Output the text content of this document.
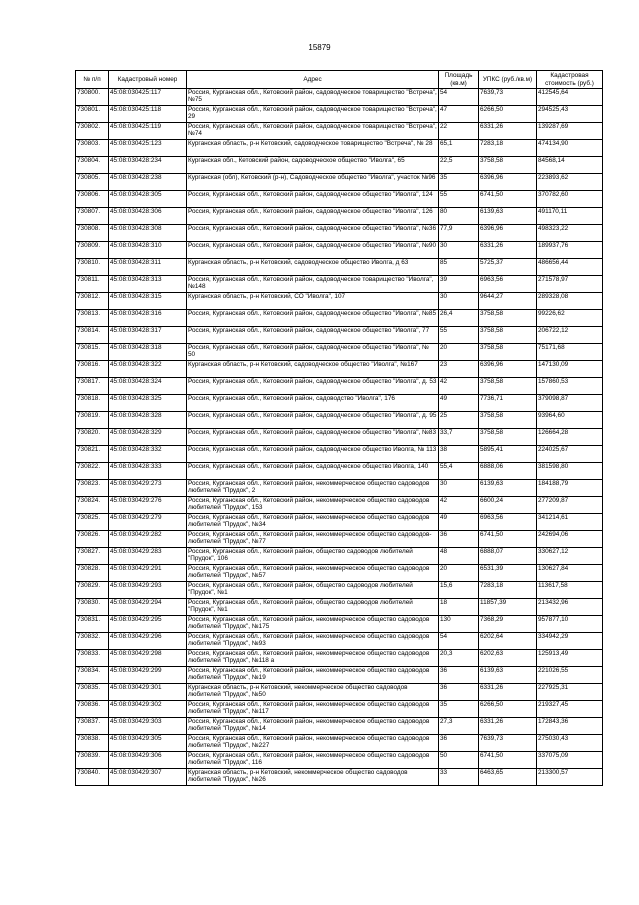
15879
№ п/п	Кадастровый номер	Адрес	Площадь (кв.м)	УПКС (руб./кв.м)	Кадастровая стоимость (руб.)
730800.	45:08:030425:117	Россия, Курганская обл., Кетовский район, садоводческое товарищество "Встреча", №75	54	7639,73	412545,64
730801.	45:08:030425:118	Россия, Курганская обл., Кетовский район, садоводческое товарищество "Встреча", 29	47	6266,50	294525,43
730802.	45:08:030425:119	Россия, Курганская обл., Кетовский район, садоводческое товарищество "Встреча", №74	22	6331,26	139287,69
730803.	45:08:030425:123	Курганская область, р-н Кетовский, садоводческое товарищество "Встреча", № 28	65,1	7283,18	474134,90
730804.	45:08:030428:234	Курганская обл., Кетовский район, садоводческое общество "Иволга", 65	22,5	3758,58	84568,14
730805.	45:08:030428:238	Курганская (обл), Кетовский (р-н), Садоводческое общество "Иволга", участок №96	35	6396,96	223893,62
730806.	45:08:030428:305	Россия, Курганская обл., Кетовский район, садоводческое общество "Иволга", 124	55	6741,50	370782,60
730807.	45:08:030428:306	Россия, Курганская обл., Кетовский район, садоводческое общество "Иволга", 126	80	6139,63	491170,11
730808.	45:08:030428:308	Россия, Курганская обл., Кетовский район, садоводческое общество "Иволга", №36	77,9	6396,96	498323,22
730809.	45:08:030428:310	Россия, Курганская обл., Кетовский район, садоводческое общество "Иволга", №90	30	6331,26	189937,76
730810.	45:08:030428:311	Курганская область, р-н Кетовский, садоводческое общество Иволга, д 63	85	5725,37	486656,44
730811.	45:08:030428:313	Россия, Курганская обл., Кетовский район, садоводческое товарищество "Иволга", №148	39	6963,56	271578,97
730812.	45:08:030428:315	Курганская область, р-н Кетовский, СО "Иволга", 107	30	9644,27	289328,08
730813.	45:08:030428:316	Россия, Курганская обл., Кетовский район, садоводческое общество "Иволга", №85	26,4	3758,58	99226,62
730814.	45:08:030428:317	Россия, Курганская обл., Кетовский район, садоводческое общество "Иволга", 77	55	3758,58	206722,12
730815.	45:08:030428:318	Россия, Курганская обл., Кетовский район, садоводческое общество "Иволга", № 50	20	3758,58	75171,68
730816.	45:08:030428:322	Курганская область, р-н Кетовский, садоводческое общество "Иволга", №167	23	6396,96	147130,09
730817.	45:08:030428:324	Россия, Курганская обл., Кетовский район, садоводческое общество "Иволга", д. 53	42	3758,58	157860,53
730818.	45:08:030428:325	Россия, Курганская обл., Кетовский район, садоводство "Иволга", 176	49	7736,71	379098,87
730819.	45:08:030428:328	Россия, Курганская обл., Кетовский район, садоводческое общество "Иволга", д. 95	25	3758,58	93964,60
730820.	45:08:030428:329	Россия, Курганская обл., Кетовский район, садоводческое общество "Иволга", №83	33,7	3758,58	126664,28
730821.	45:08:030428:332	Россия, Курганская обл., Кетовский район, садоводческое общество Иволга, № 113	38	5895,41	224025,67
730822.	45:08:030428:333	Россия, Курганская обл., Кетовский район, садоводческое общество Иволга, 140	55,4	6888,06	381598,80
730823.	45:08:030429:273	Россия, Курганская обл., Кетовский район, некоммерческое общество садоводов любителей "Прудок", 2	30	6139,63	184188,79
730824.	45:08:030429:276	Россия, Курганская обл., Кетовский район, некоммерческое общество садоводов любителей "Прудок", 153	42	6600,24	277209,87
730825.	45:08:030429:279	Россия, Курганская обл., Кетовский район, некоммерческое общество садоводов любителей "Прудок", №34	49	6963,56	341214,61
730826.	45:08:030429:282	Россия, Курганская обл., Кетовский район, некоммерческое общество садоводов-любителей "Прудок", №77	36	6741,50	242694,06
730827.	45:08:030429:283	Россия, Курганская обл., Кетовский район, общество садоводов любителей "Прудок", 106	48	6888,07	330627,12
730828.	45:08:030429:291	Россия, Курганская обл., Кетовский район, некоммерческое общество садоводов любителей "Прудок", №57	20	6531,39	130627,84
730829.	45:08:030429:293	Россия, Курганская обл., Кетовский район, общество садоводов любителей "Прудок", №1	15,6	7283,18	113617,58
730830.	45:08:030429:294	Россия, Курганская обл., Кетовский район, общество садоводов любителей "Прудок", №1	18	11857,39	213432,96
730831.	45:08:030429:295	Россия, Курганская обл., Кетовский район, некоммерческое общество садоводов любителей "Прудок", №175	130	7368,29	957877,10
730832.	45:08:030429:296	Россия, Курганская обл., Кетовский район, некоммерческое общество садоводов любителей "Прудок", №93	54	6202,64	334942,29
730833.	45:08:030429:298	Россия, Курганская обл., Кетовский район, некоммерческое общество садоводов любителей "Прудок", №118 а	20,3	6202,63	125913,49
730834.	45:08:030429:299	Россия, Курганская обл., Кетовский район, некоммерческое общество садоводов любителей "Прудок", №19	36	6139,63	221026,55
730835.	45:08:030429:301	Курганская область, р-н Кетовский, некоммерческое общество садоводов любителей "Прудок", №50	36	6331,26	227925,31
730836.	45:08:030429:302	Россия, Курганская обл., Кетовский район, некоммерческое общество садоводов любителей "Прудок", №117	35	6266,50	219327,45
730837.	45:08:030429:303	Россия, Курганская обл., Кетовский район, некоммерческое общество садоводов любителей "Прудок", №14	27,3	6331,26	172843,36
730838.	45:08:030429:305	Россия, Курганская обл., Кетовский район, некоммерческое общество садоводов любителей "Прудок", №227	36	7639,73	275030,43
730839.	45:08:030429:306	Россия, Курганская обл., Кетовский район, некоммерческое общество садоводов любителей "Прудок", 116	50	6741,50	337075,09
730840.	45:08:030429:307	Курганская область, р-н Кетовский, некоммерческое общество садоводов любителей "Прудок", №26	33	6463,65	213300,57
